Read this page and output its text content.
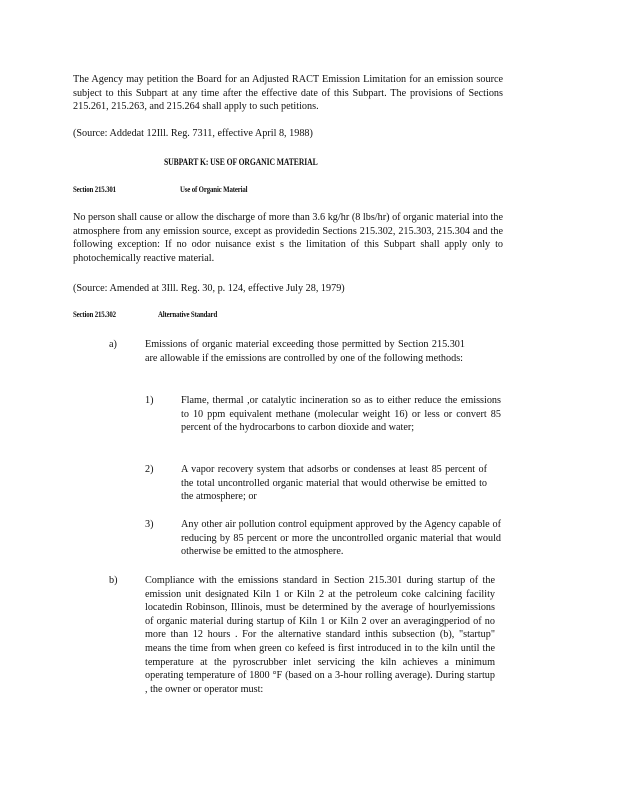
The Agency may petition the Board for an Adjusted RACT Emission Limitation for an emission source subject to this Subpart at any time after the effective date of this Subpart. The provisions of Sections 215.261, 215.263, and 215.264 shall apply to such petitions.

(Source: Addedat 12Ill. Reg. 7311, effective April 8, 1988)

SUBPART K: USE OF ORGANIC MATERIAL
Section 215.301	Use of Organic Material

No person shall cause or allow the discharge of more than 3.6 kg/hr (8 lbs/hr) of organic material into the atmosphere from any emission source, except as providedin Sections 215.302, 215.303, 215.304 and the following exception: If no odor nuisance exist s the limitation of this Subpart shall apply only to photochemically reactive material.

(Source: Amended at 3Ill. Reg. 30, p. 124, effective July 28, 1979)

Section 215.302	Alternative Standard
a)	Emissions of organic material exceeding those permitted by Section 215.301 are allowable if the emissions are controlled by one of the following methods:

1)	Flame, thermal ,or catalytic incineration so as to either reduce the emissions to 10 ppm equivalent methane (molecular weight 16) or less or convert 85 percent of the hydrocarbons to carbon dioxide and water;

2)	A vapor recovery system that adsorbs or condenses at least 85 percent of the total uncontrolled organic material that would otherwise be emitted to the atmosphere; or

3)	Any other air pollution control equipment approved by the Agency capable of reducing by 85 percent or more the uncontrolled organic material that would otherwise be emitted to the atmosphere.

b)	Compliance with the emissions standard in Section 215.301 during startup of the emission unit designated Kiln 1 or Kiln 2 at the petroleum coke calcining facility locatedin Robinson, Illinois, must be determined by the average of hourlyemissions of organic material during startup of Kiln 1 or Kiln 2 over an averagingperiod of no more than 12 hours . For the alternative standard inthis subsection (b), "startup" means the time from when green co kefeed is first introduced in to the kiln until the temperature at the pyroscrubber inlet servicing the kiln achieves a minimum operating temperature of 1800 °F (based on a 3-hour rolling average). During startup , the owner or operator must:
